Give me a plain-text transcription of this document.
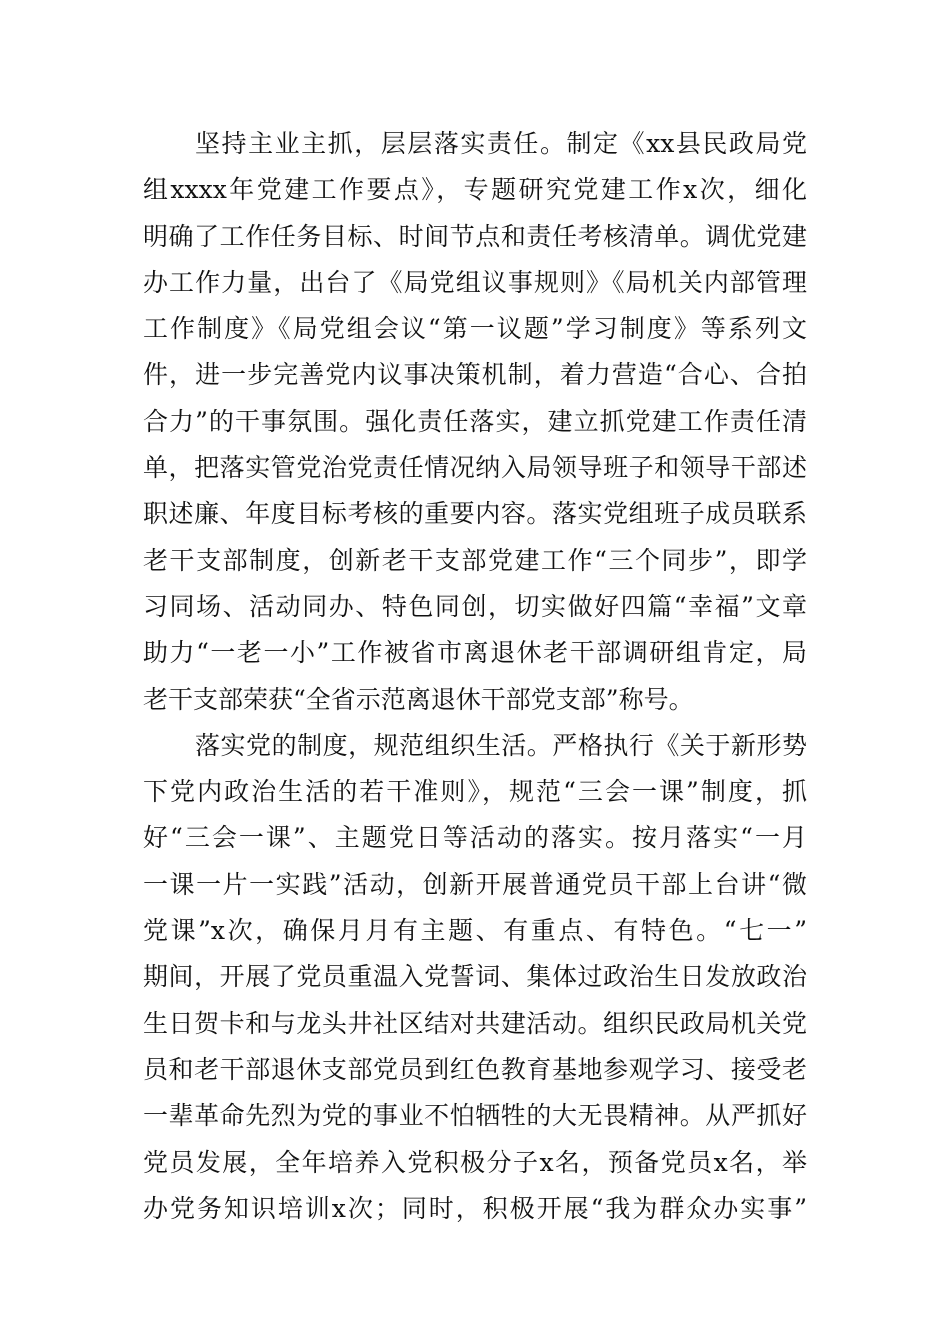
坚持主业主抓，层层落实责任。制定《xx县民政局党
组xxxx年党建工作要点》，专题研究党建工作x次，细化
明确了工作任务目标、时间节点和责任考核清单。调优党建
办工作力量，出台了《局党组议事规则》《局机关内部管理
工作制度》《局党组会议“第一议题”学习制度》等系列文
件，进一步完善党内议事决策机制，着力营造“合心、合拍
合力”的干事氛围。强化责任落实，建立抓党建工作责任清
单，把落实管党治党责任情况纳入局领导班子和领导干部述
职述廉、年度目标考核的重要内容。落实党组班子成员联系
老干支部制度，创新老干支部党建工作“三个同步”，即学
习同场、活动同办、特色同创，切实做好四篇“幸福”文章
助力“一老一小”工作被省市离退休老干部调研组肯定，局
老干支部荣获“全省示范离退休干部党支部”称号。
落实党的制度，规范组织生活。严格执行《关于新形势
下党内政治生活的若干准则》，规范“三会一课”制度，抓
好“三会一课”、主题党日等活动的落实。按月落实“一月
一课一片一实践”活动，创新开展普通党员干部上台讲“微
党课”x次，确保月月有主题、有重点、有特色。“七一”
期间，开展了党员重温入党誓词、集体过政治生日发放政治
生日贺卡和与龙头井社区结对共建活动。组织民政局机关党
员和老干部退休支部党员到红色教育基地参观学习、接受老
一辈革命先烈为党的事业不怕牺牲的大无畏精神。从严抓好
党员发展，全年培养入党积极分子x名，预备党员x名，举
办党务知识培训x次；同时，积极开展“我为群众办实事”
